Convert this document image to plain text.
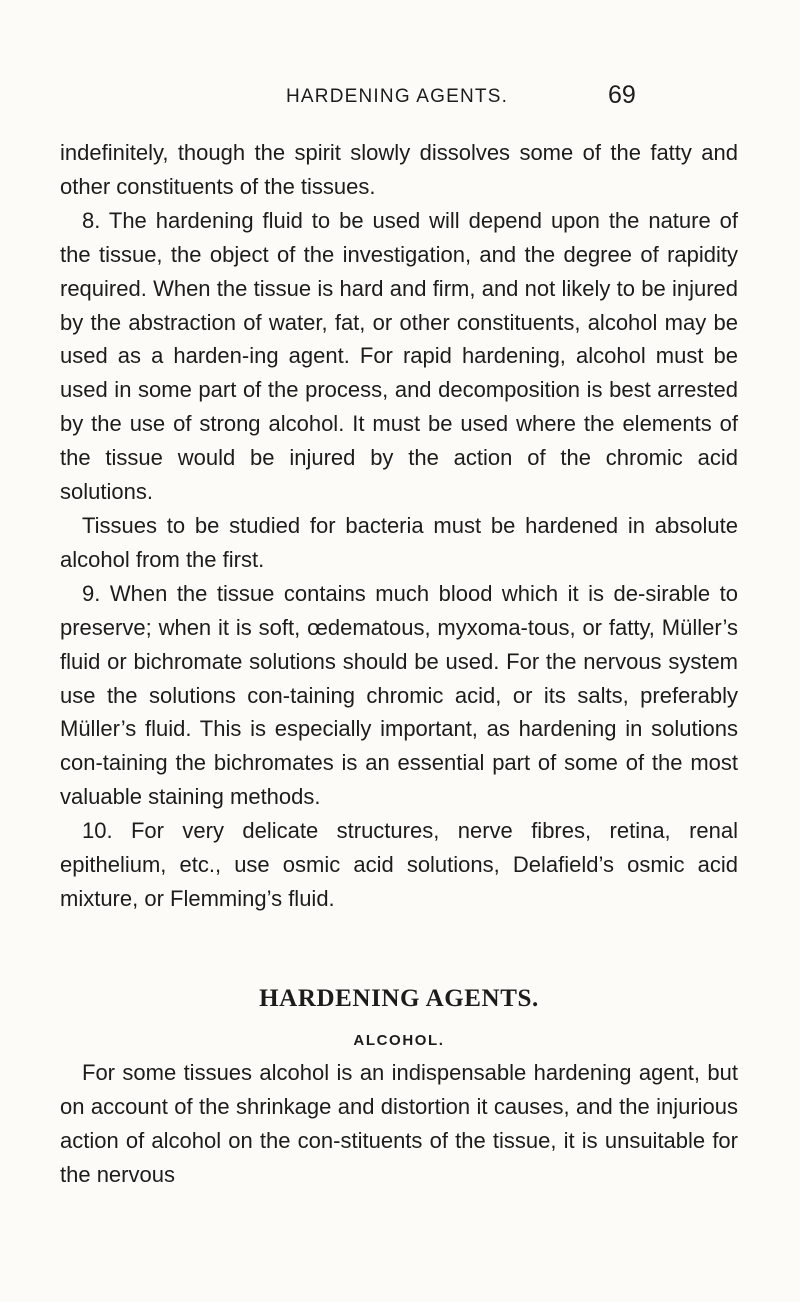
HARDENING AGENTS.	69

indefinitely, though the spirit slowly dissolves some of the fatty and other constituents of the tissues.

8. The hardening fluid to be used will depend upon the nature of the tissue, the object of the investigation, and the degree of rapidity required. When the tissue is hard and firm, and not likely to be injured by the abstraction of water, fat, or other constituents, alcohol may be used as a harden-ing agent. For rapid hardening, alcohol must be used in some part of the process, and decomposition is best arrested by the use of strong alcohol. It must be used where the elements of the tissue would be injured by the action of the chromic acid solutions.

Tissues to be studied for bacteria must be hardened in absolute alcohol from the first.

9. When the tissue contains much blood which it is de-sirable to preserve; when it is soft, œdematous, myxoma-tous, or fatty, Müller’s fluid or bichromate solutions should be used. For the nervous system use the solutions con-taining chromic acid, or its salts, preferably Müller’s fluid. This is especially important, as hardening in solutions con-taining the bichromates is an essential part of some of the most valuable staining methods.

10. For very delicate structures, nerve fibres, retina, renal epithelium, etc., use osmic acid solutions, Delafield’s osmic acid mixture, or Flemming’s fluid.

HARDENING AGENTS.
ALCOHOL.

For some tissues alcohol is an indispensable hardening agent, but on account of the shrinkage and distortion it causes, and the injurious action of alcohol on the con-stituents of the tissue, it is unsuitable for the nervous
